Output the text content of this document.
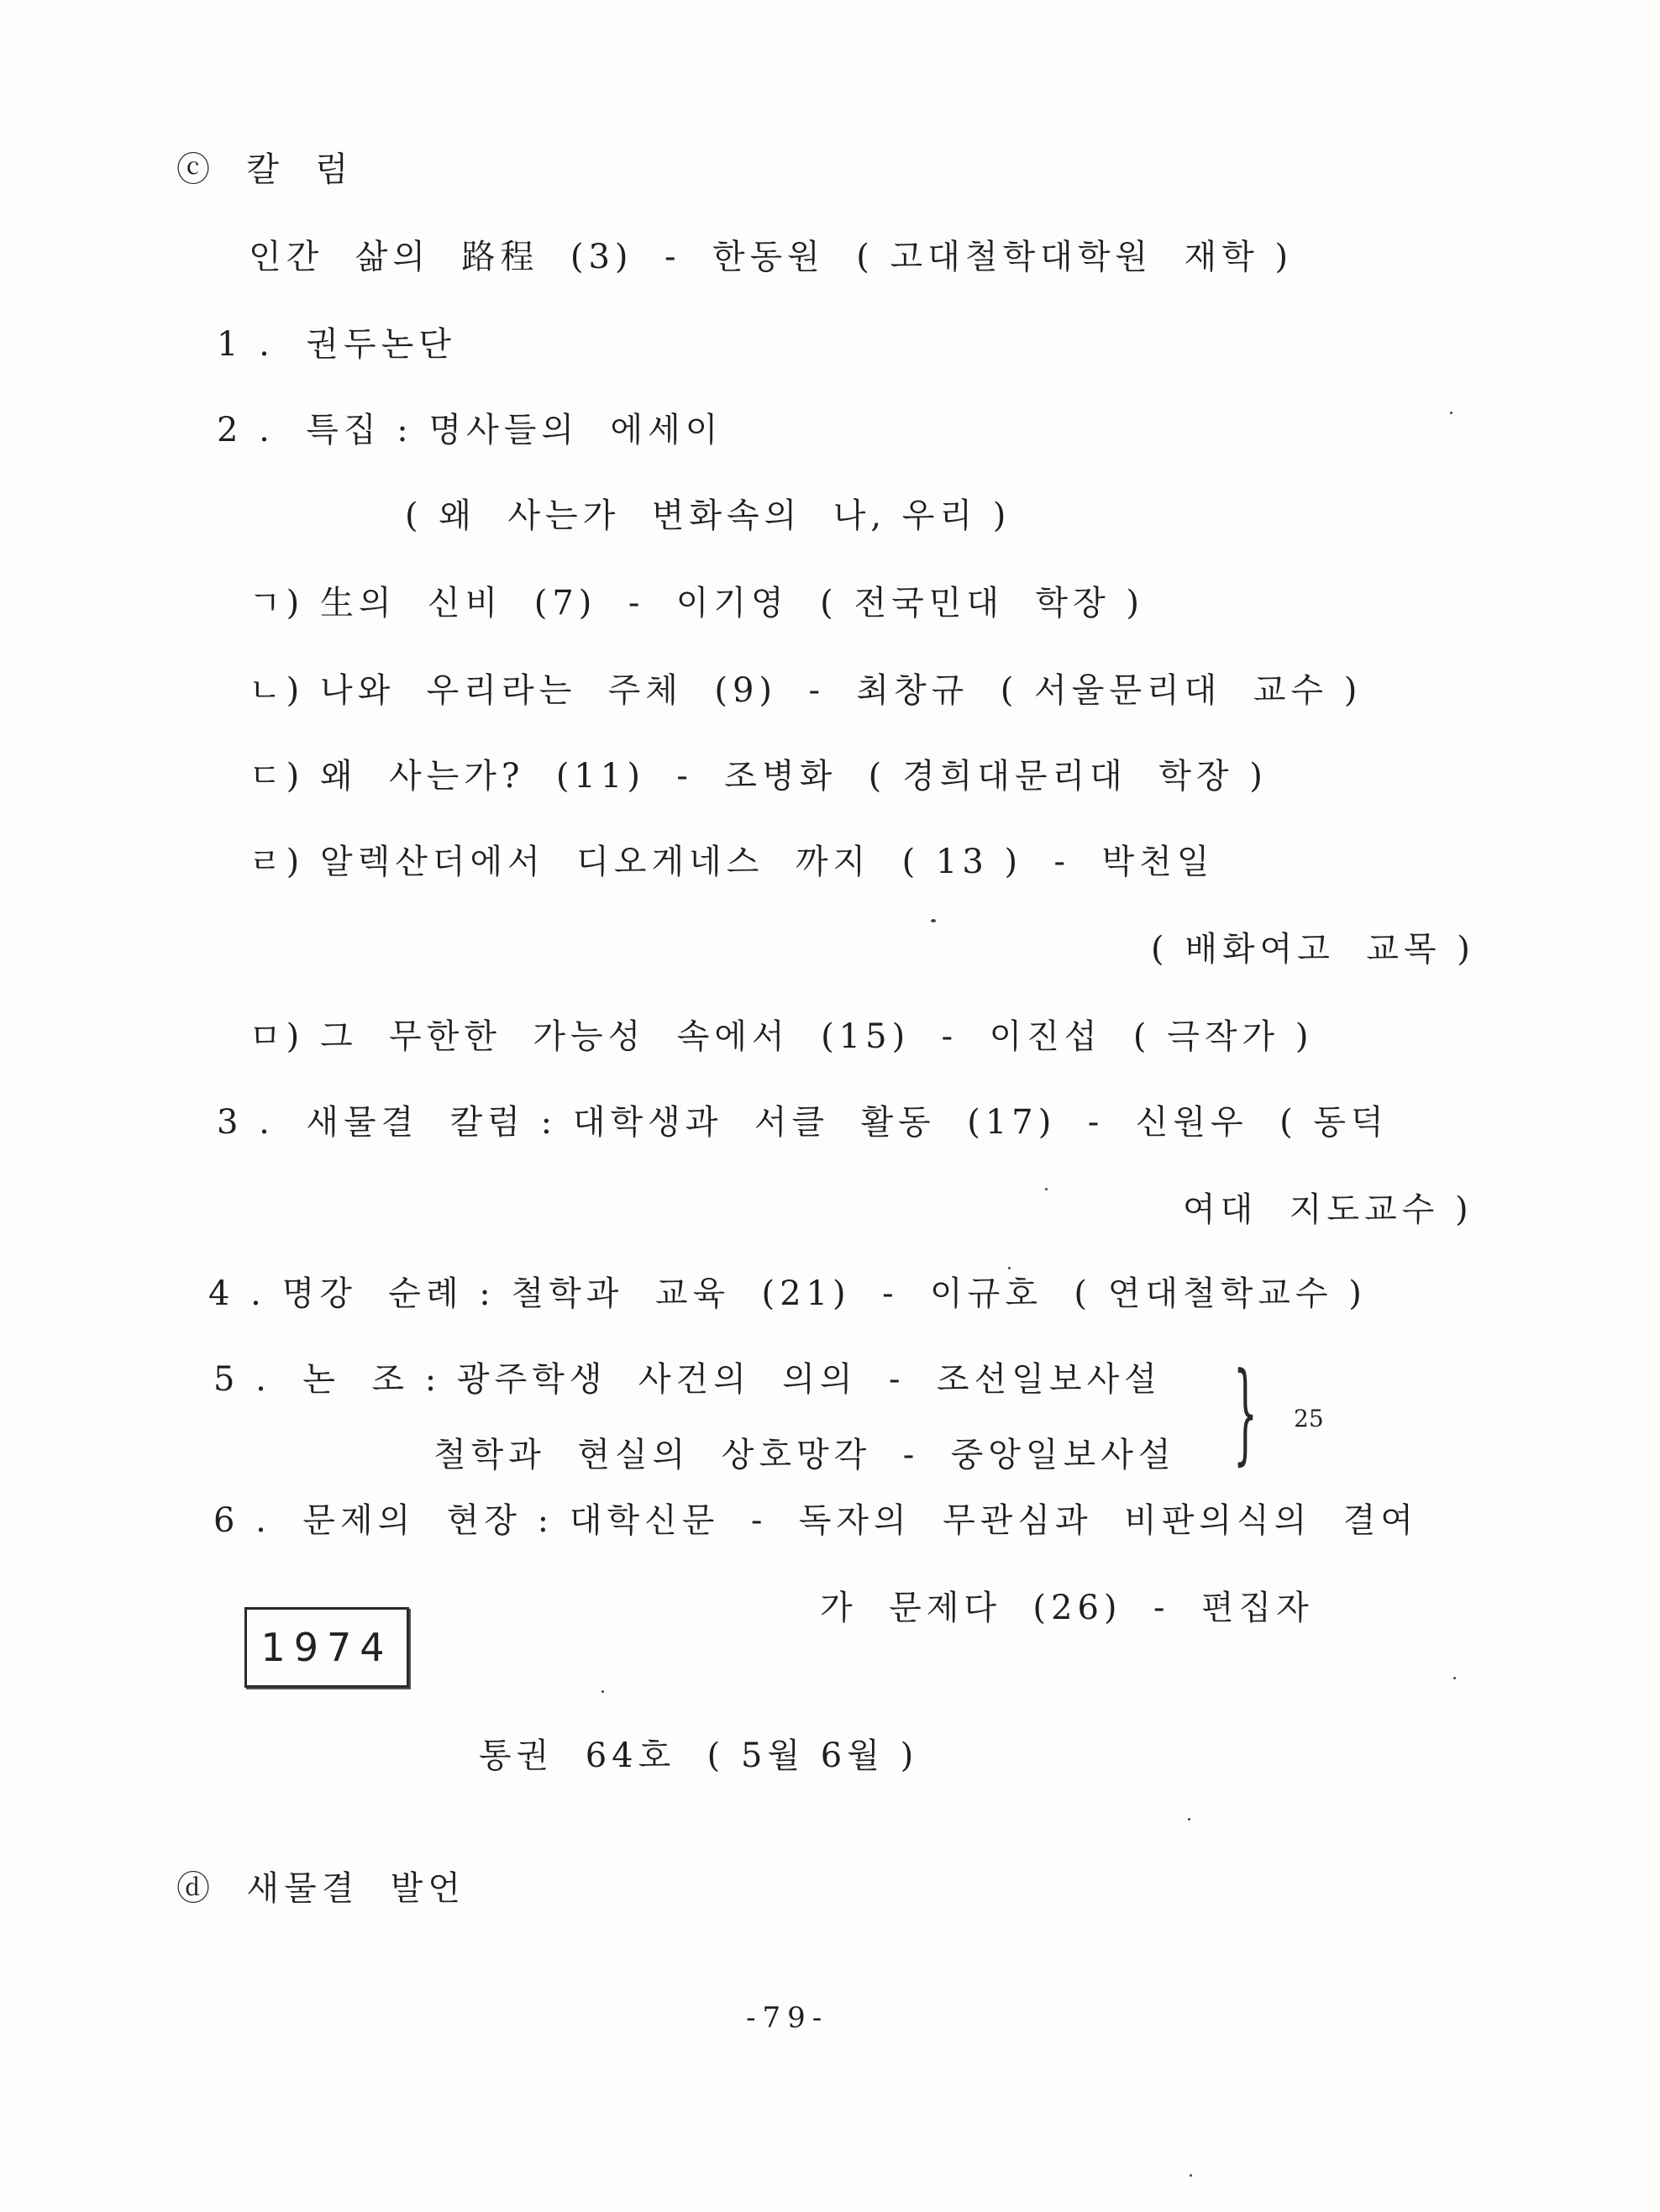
ⓒ  칼  럼
인간  삶의  路程  (3)  -  한동원  ( 고대철학대학원  재학 )
1 .  권두논단
2 .  특집 : 명사들의  에세이
( 왜  사는가  변화속의  나, 우리 )
ㄱ) 生의  신비  (7)  -  이기영  ( 전국민대  학장 )
ㄴ) 나와  우리라는  주체  (9)  -  최창규  ( 서울문리대  교수 )
ㄷ) 왜  사는가?  (11)  -  조병화  ( 경희대문리대  학장 )
ㄹ) 알렉산더에서  디오게네스  까지  ( 13 )  -  박천일
( 배화여고  교목 )
ㅁ) 그  무한한  가능성  속에서  (15)  -  이진섭  ( 극작가 )
3 .  새물결  칼럼 : 대학생과  서클  활동  (17)  -  신원우  ( 동덕
여대  지도교수 )
4 . 명강  순례 : 철학과  교육  (21)  -  이규호  ( 연대철학교수 )
5 .  논  조 : 광주학생  사건의  의의  -  조선일보사설
철학과  현실의  상호망각  -  중앙일보사설 } 25
6 .  문제의  현장 : 대학신문  -  독자의  무관심과  비판의식의  결여
가  문제다  (26)  -  편집자
1974
통권  64호  ( 5월 6월 )
ⓓ  새물결  발언
-79-
